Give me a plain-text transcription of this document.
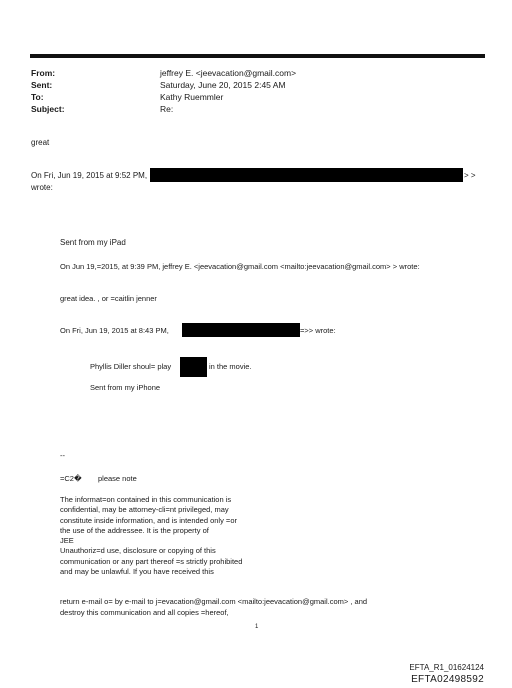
From:	jeffrey E. <jeevacation@gmail.com>
Sent:	Saturday, June 20, 2015 2:45 AM
To:	Kathy Ruemmler
Subject:	Re:
great
On Fri, Jun 19, 2015 at 9:52 PM,	> >
wrote:
Sent from my iPad
On Jun 19,=2015, at 9:39 PM, jeffrey E. <jeevacation@gmail.com <mailto:jeevacation@gmail.com> > wrote:
great idea. , or =caitlin jenner
On Fri, Jun 19, 2015 at 8:43 PM,	=>> wrote:
Phyllis Diller shoul= play	in the movie.
Sent from my iPhone
--
=C2� please note
The informat=on contained in this communication is
confidential, may be attorney-cli=nt privileged, may
constitute inside information, and is intended only =or
the use of the addressee. It is the property of
JEE
Unauthoriz=d use, disclosure or copying of this
communication or any part thereof =s strictly prohibited
and may be unlawful. If you have received this
return e-mail o= by e-mail to j=evacation@gmail.com <mailto:jeevacation@gmail.com> , and
destroy this communication and all copies =hereof,
1
EFTA_R1_01624124
EFTA02498592
